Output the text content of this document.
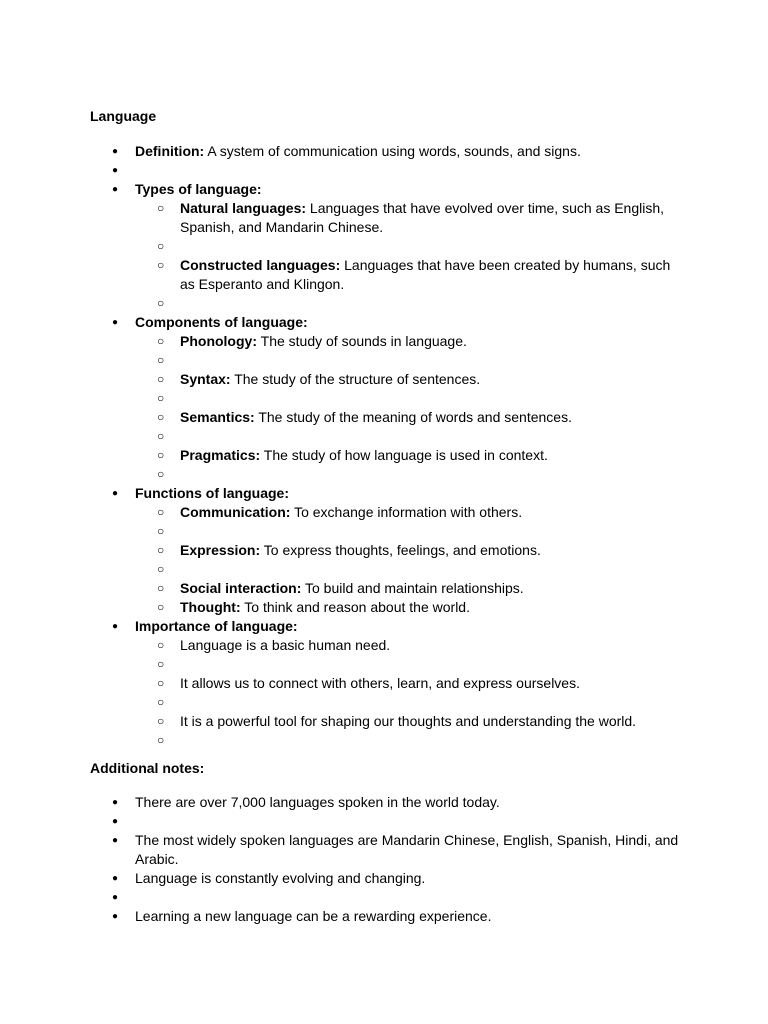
Language

● Definition: A system of communication using words, sounds, and signs.
●
● Types of language:
○ Natural languages: Languages that have evolved over time, such as English, Spanish, and Mandarin Chinese.
○
○ Constructed languages: Languages that have been created by humans, such as Esperanto and Klingon.
○
● Components of language:
○ Phonology: The study of sounds in language.
○
○ Syntax: The study of the structure of sentences.
○
○ Semantics: The study of the meaning of words and sentences.
○
○ Pragmatics: The study of how language is used in context.
○
● Functions of language:
○ Communication: To exchange information with others.
○
○ Expression: To express thoughts, feelings, and emotions.
○
○ Social interaction: To build and maintain relationships.
○ Thought: To think and reason about the world.
● Importance of language:
○ Language is a basic human need.
○
○ It allows us to connect with others, learn, and express ourselves.
○
○ It is a powerful tool for shaping our thoughts and understanding the world.
○

Additional notes:

● There are over 7,000 languages spoken in the world today.
●
● The most widely spoken languages are Mandarin Chinese, English, Spanish, Hindi, and Arabic.
● Language is constantly evolving and changing.
●
● Learning a new language can be a rewarding experience.
